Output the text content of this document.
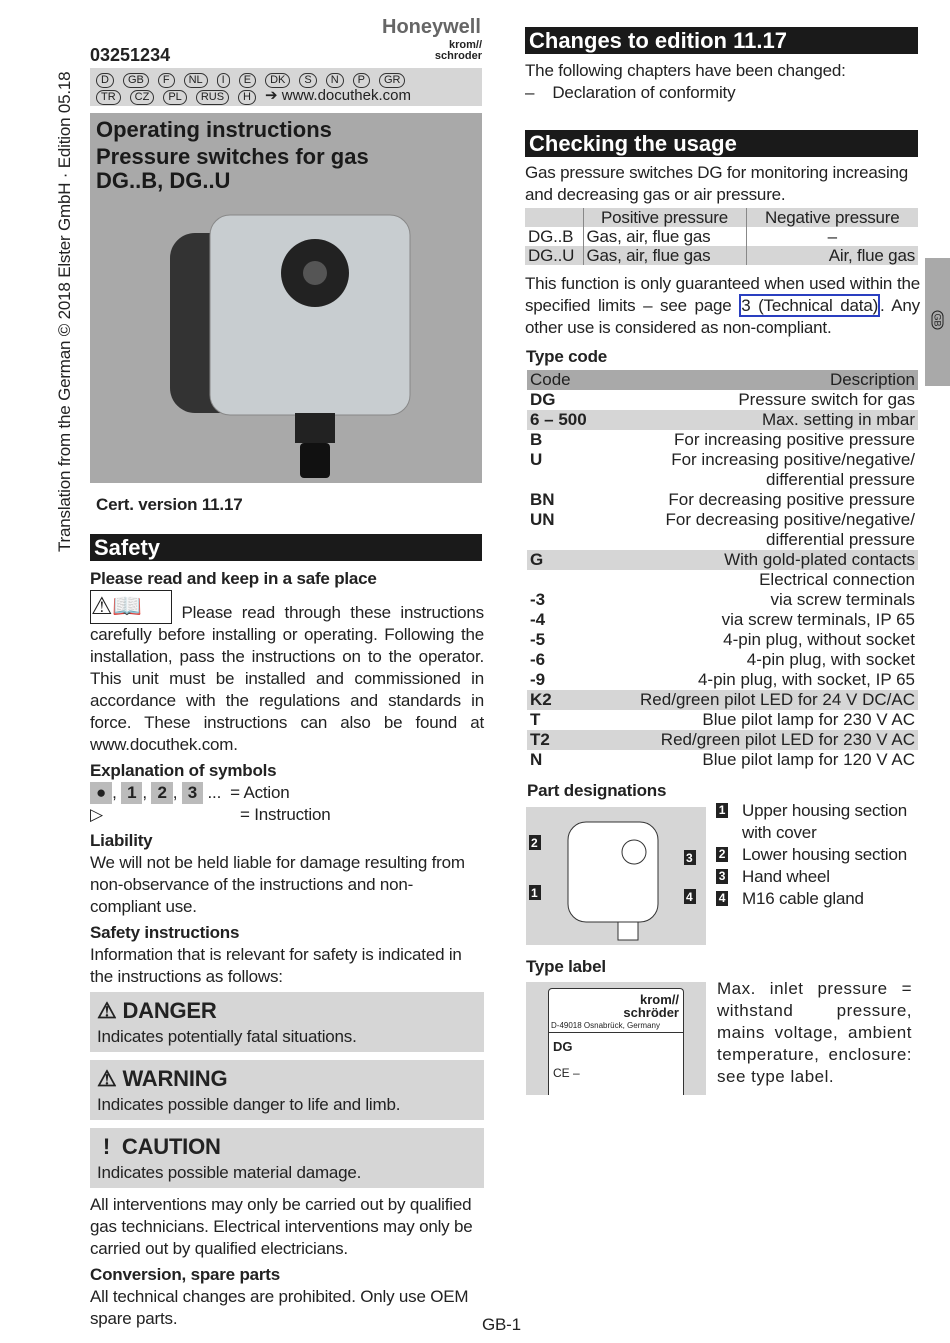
Translation from the German © 2018 Elster GmbH · Edition 05.18
Honeywell
krom//
schroder
03251234
D GB F NL I E DK S N P GR
TR CZ PL RUS H ➔ www.docuthek.com
Operating instructions
Pressure switches for gas
DG..B, DG..U
Cert. version 11.17
Safety
Please read and keep in a safe place
⚠📖 Please read through these instructions carefully before installing or operating. Following the installation, pass the instructions on to the operator. This unit must be installed and commissioned in accordance with the regulations and standards in force. These instructions can also be found at www.docuthek.com.
Explanation of symbols
● , 1 , 2 , 3 ...  = Action
▷	= Instruction
Liability
We will not be held liable for damage resulting from non-observance of the instructions and non-compliant use.
Safety instructions
Information that is relevant for safety is indicated in the instructions as follows:
⚠ DANGER
Indicates potentially fatal situations.
⚠ WARNING
Indicates possible danger to life and limb.
!  CAUTION
Indicates possible material damage.
All interventions may only be carried out by qualified gas technicians. Electrical interventions may only be carried out by qualified electricians.
Conversion, spare parts
All technical changes are prohibited. Only use OEM spare parts.
Changes to edition 11.17
The following chapters have been changed:
–    Declaration of conformity
Checking the usage
Gas pressure switches DG for monitoring increasing and decreasing gas or air pressure.
	Positive pressure	Negative pressure
DG..B	Gas, air, flue gas	–
DG..U	Gas, air, flue gas	Air, flue gas
This function is only guaranteed when used within the specified limits – see page 3 (Technical data) . Any other use is considered as non-compliant.
Type code
Code	Description
DG	Pressure switch for gas
6 – 500	Max. setting in mbar
B	For increasing positive pressure
U	For increasing positive/negative/
differential pressure
BN	For decreasing positive pressure
UN	For decreasing positive/negative/
differential pressure
G	With gold-plated contacts
Electrical connection
-3	via screw terminals
-4	via screw terminals, IP 65
-5	4-pin plug, without socket
-6	4-pin plug, with socket
-9	4-pin plug, with socket, IP 65
K2	Red/green pilot LED for 24 V DC/AC
T	Blue pilot lamp for 230 V AC
T2	Red/green pilot LED for 230 V AC
N	Blue pilot lamp for 120 V AC
Part designations
2
1
3
4
1 Upper housing section with cover
2 Lower housing section
3 Hand wheel
4 M16 cable gland
Type label
krom//
schröder
D-49018 Osnabrück, Germany
DG
CE –
Max. inlet pressure = withstand pressure, mains voltage, ambient temperature, enclosure: see type label.
GB
GB-1
